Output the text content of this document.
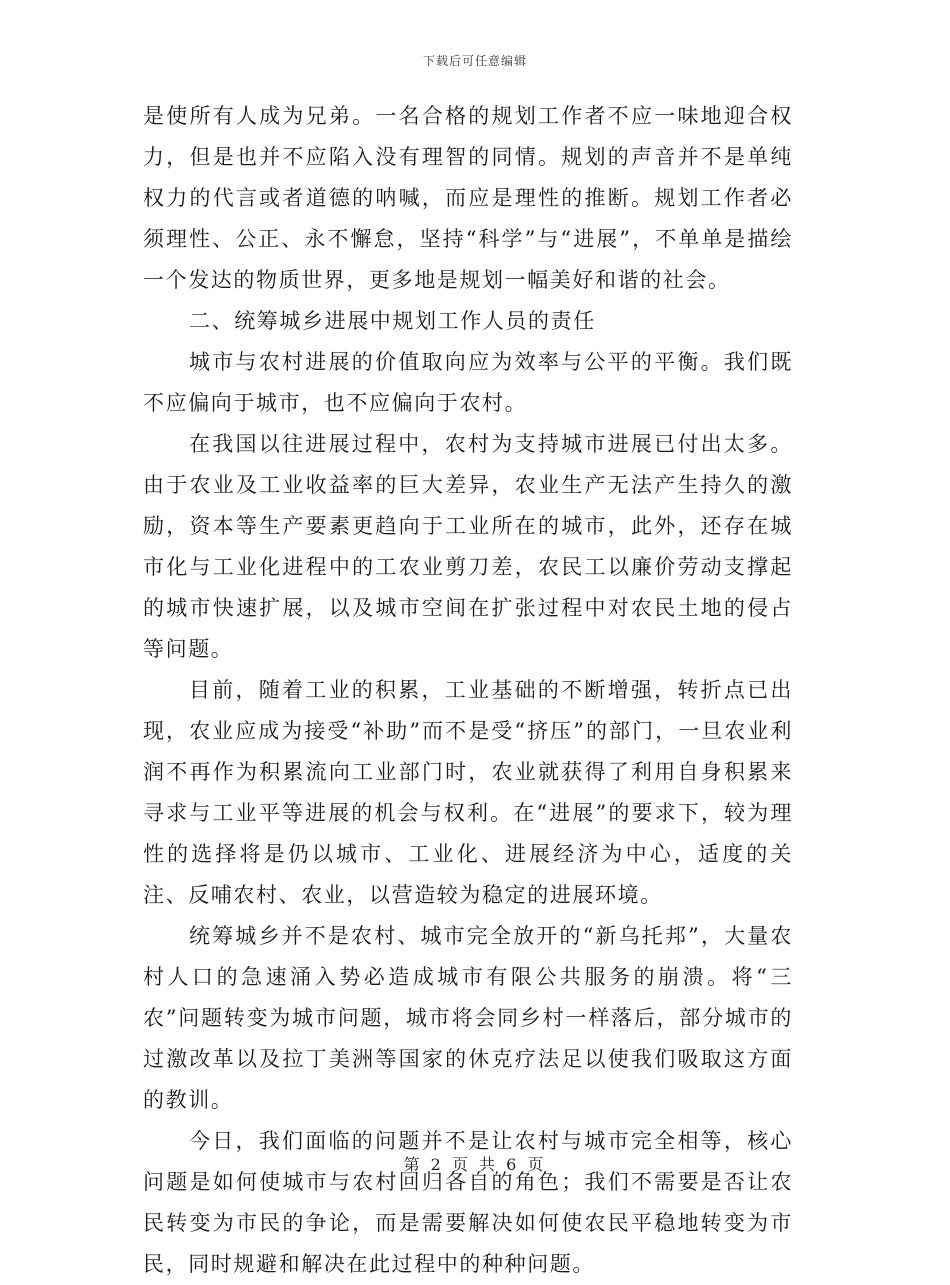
下载后可任意编辑

是使所有人成为兄弟。一名合格的规划工作者不应一味地迎合权力，但是也并不应陷入没有理智的同情。规划的声音并不是单纯权力的代言或者道德的呐喊，而应是理性的推断。规划工作者必须理性、公正、永不懈怠，坚持“科学”与“进展”，不单单是描绘一个发达的物质世界，更多地是规划一幅美好和谐的社会。

二、统筹城乡进展中规划工作人员的责任

城市与农村进展的价值取向应为效率与公平的平衡。我们既不应偏向于城市，也不应偏向于农村。

在我国以往进展过程中，农村为支持城市进展已付出太多。由于农业及工业收益率的巨大差异，农业生产无法产生持久的激励，资本等生产要素更趋向于工业所在的城市，此外，还存在城市化与工业化进程中的工农业剪刀差，农民工以廉价劳动支撑起的城市快速扩展，以及城市空间在扩张过程中对农民土地的侵占等问题。

目前，随着工业的积累，工业基础的不断增强，转折点已出现，农业应成为接受“补助”而不是受“挤压”的部门，一旦农业利润不再作为积累流向工业部门时，农业就获得了利用自身积累来寻求与工业平等进展的机会与权利。在“进展”的要求下，较为理性的选择将是仍以城市、工业化、进展经济为中心，适度的关注、反哺农村、农业，以营造较为稳定的进展环境。

统筹城乡并不是农村、城市完全放开的“新乌托邦”，大量农村人口的急速涌入势必造成城市有限公共服务的崩溃。将“三农”问题转变为城市问题，城市将会同乡村一样落后，部分城市的过激改革以及拉丁美洲等国家的休克疗法足以使我们吸取这方面的教训。

今日，我们面临的问题并不是让农村与城市完全相等，核心问题是如何使城市与农村回归各自的角色；我们不需要是否让农民转变为市民的争论，而是需要解决如何使农民平稳地转变为市民，同时规避和解决在此过程中的种种问题。

第 2 页 共 6 页
